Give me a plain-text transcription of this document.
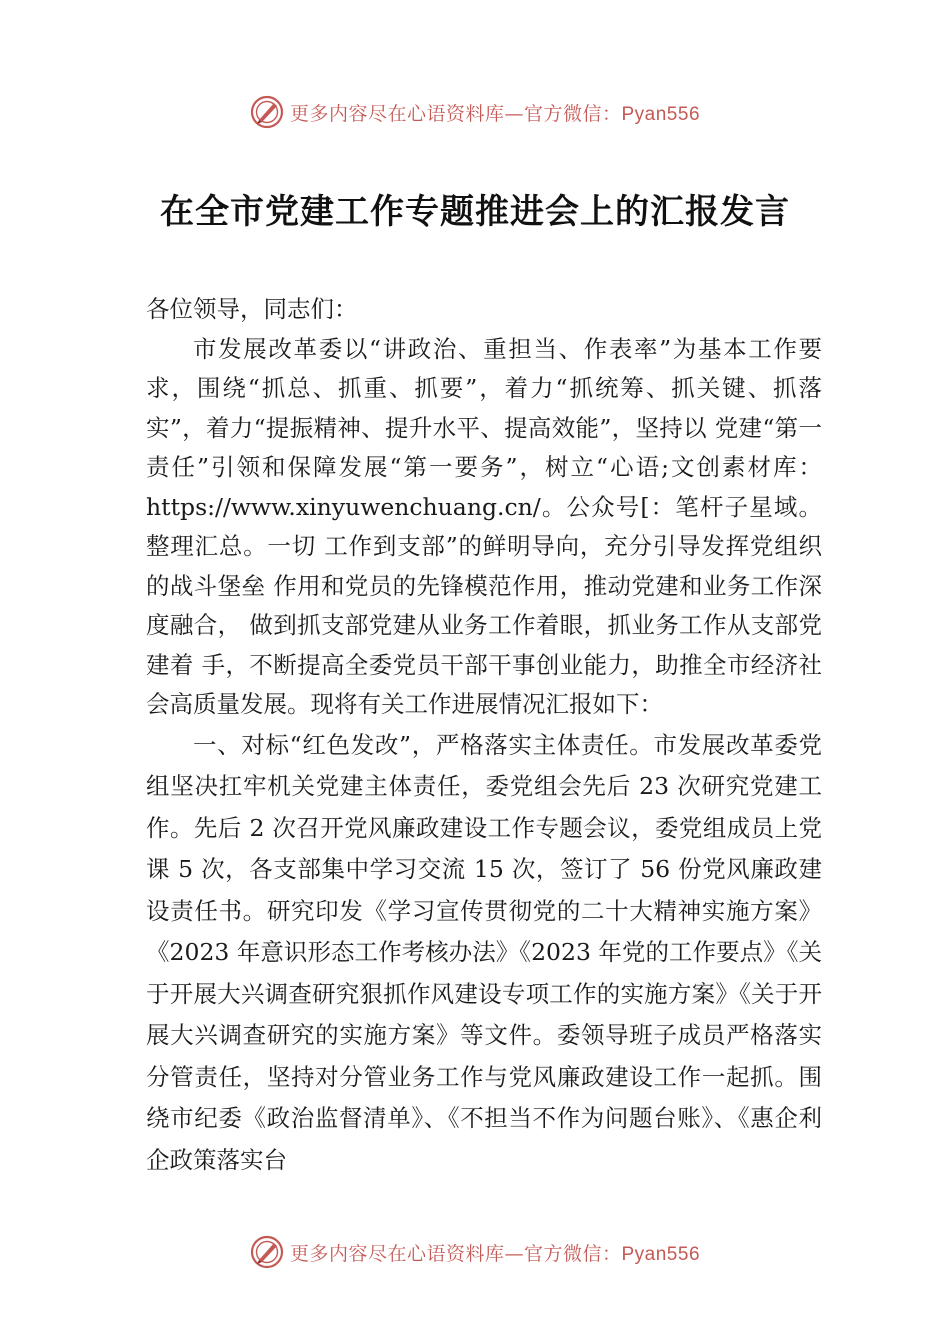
更多内容尽在心语资料库—官方微信：Pyan556
在全市党建工作专题推进会上的汇报发言

各位领导，同志们：

市发展改革委以“讲政治、重担当、作表率”为基本工作要求，围绕“抓总、抓重、抓要”，着力“抓统筹、抓关键、抓落实”，着力“提振精神、提升水平、提高效能”，坚持以 党建“第一责任”引领和保障发展“第一要务”，树立“心语;文创素材库：https://www.xinyuwenchuang.cn/。公众号[：笔杆子星域。整理汇总。一切 工作到支部”的鲜明导向，充分引导发挥党组织的战斗堡垒 作用和党员的先锋模范作用，推动党建和业务工作深度融合， 做到抓支部党建从业务工作着眼，抓业务工作从支部党建着 手，不断提高全委党员干部干事创业能力，助推全市经济社 会高质量发展。现将有关工作进展情况汇报如下：

一、对标“红色发改”，严格落实主体责任。市发展改革委党组坚决扛牢机关党建主体责任，委党组会先后 23 次研究党建工作。先后 2 次召开党风廉政建设工作专题会议，委党组成员上党课 5 次，各支部集中学习交流 15 次，签订了 56 份党风廉政建设责任书。研究印发《学习宣传贯彻党的二十大精神实施方案》《2023 年意识形态工作考核办法》《2023 年党的工作要点》《关于开展大兴调查研究狠抓作风建设专项工作的实施方案》《关于开展大兴调查研究的实施方案》等文件。委领导班子成员严格落实分管责任，坚持对分管业务工作与党风廉政建设工作一起抓。围绕市纪委《政治监督清单》、《不担当不作为问题台账》、《惠企利企政策落实台

更多内容尽在心语资料库—官方微信：Pyan556
